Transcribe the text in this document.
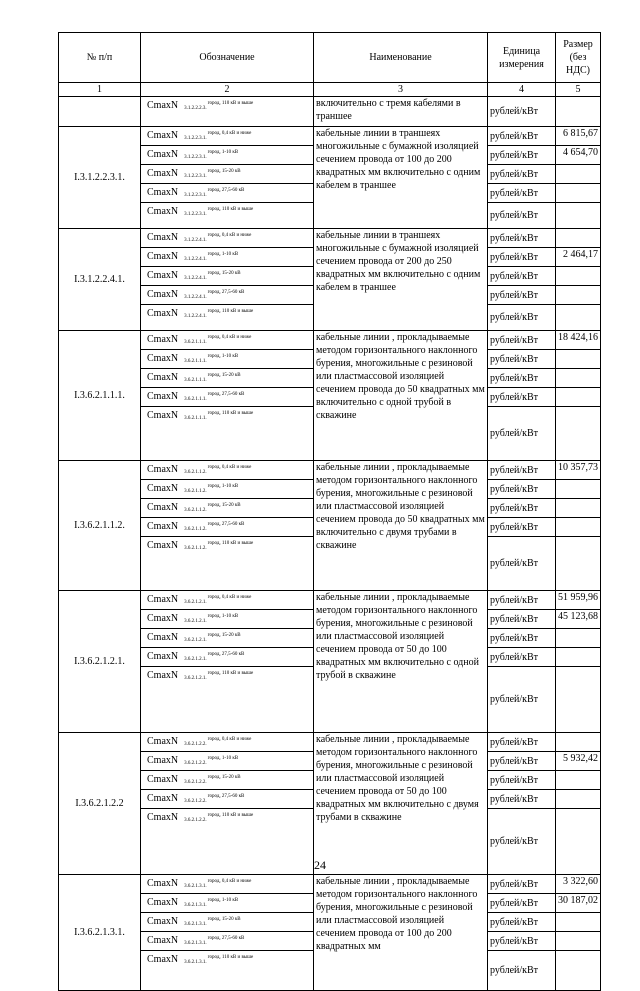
№ п/п	Обозначение	Наименование	Единица измерения	Размер (без НДС)
1	2	3	4	5
	CmaxN 3.1.2.2.2.3.$^{город, 110 кВ и выше}$	включительно с тремя кабелями в траншее	рублей/кВт	
I.3.1.2.2.3.1.	CmaxN 3.1.2.2.3.1.$^{город, 0,4 кВ и ниже}$	кабельные линии в траншеях многожильные с бумажной изоляцией сечением провода от 100 до 200 квадратных мм включительно с одним кабелем в траншее	рублей/кВт	6 815,67
	CmaxN 3.1.2.2.3.1.$^{город, 1-10 кВ}$		рублей/кВт	4 654,70
	CmaxN 3.1.2.2.3.1.$^{город, 15-20 кВ}$		рублей/кВт	
	CmaxN 3.1.2.2.3.1.$^{город, 27,5-60 кВ}$		рублей/кВт	
	CmaxN 3.1.2.2.3.1.$^{город, 110 кВ и выше}$		рублей/кВт	
I.3.1.2.2.4.1.	CmaxN 3.1.2.2.4.1.$^{город, 0,4 кВ и ниже}$	кабельные линии в траншеях многожильные с бумажной изоляцией сечением провода от 200 до 250 квадратных мм включительно с одним кабелем в траншее	рублей/кВт	
	CmaxN 3.1.2.2.4.1.$^{город, 1-10 кВ}$		рублей/кВт	2 464,17
	CmaxN 3.1.2.2.4.1.$^{город, 15-20 кВ}$		рублей/кВт	
	CmaxN 3.1.2.2.4.1.$^{город, 27,5-60 кВ}$		рублей/кВт	
	CmaxN 3.1.2.2.4.1.$^{город, 110 кВ и выше}$		рублей/кВт	
I.3.6.2.1.1.1.	CmaxN 3.6.2.1.1.1.$^{город, 0,4 кВ и ниже}$	кабельные линии , прокладываемые методом горизонтального наклонного бурения, многожильные с резиновой или пластмассовой изоляцией сечением провода до 50 квадратных мм включительно с одной трубой в скважине	рублей/кВт	18 424,16
	CmaxN 3.6.2.1.1.1.$^{город, 1-10 кВ}$		рублей/кВт	
	CmaxN 3.6.2.1.1.1.$^{город, 15-20 кВ}$		рублей/кВт	
	CmaxN 3.6.2.1.1.1.$^{город, 27,5-60 кВ}$		рублей/кВт	
	CmaxN 3.6.2.1.1.1.$^{город, 110 кВ и выше}$		рублей/кВт	
I.3.6.2.1.1.2.	CmaxN 3.6.2.1.1.2.$^{город, 0,4 кВ и ниже}$	кабельные линии , прокладываемые методом горизонтального наклонного бурения, многожильные с резиновой или пластмассовой изоляцией сечением провода до 50 квадратных мм включительно с двумя трубами в скважине	рублей/кВт	10 357,73
	CmaxN 3.6.2.1.1.2.$^{город, 1-10 кВ}$		рублей/кВт	
	CmaxN 3.6.2.1.1.2.$^{город, 15-20 кВ}$		рублей/кВт	
	CmaxN 3.6.2.1.1.2.$^{город, 27,5-60 кВ}$		рублей/кВт	
	CmaxN 3.6.2.1.1.2.$^{город, 110 кВ и выше}$		рублей/кВт	
I.3.6.2.1.2.1.	CmaxN 3.6.2.1.2.1.$^{город, 0,4 кВ и ниже}$	кабельные линии , прокладываемые методом горизонтального наклонного бурения, многожильные с резиновой или пластмассовой изоляцией сечением провода от 50 до 100 квадратных мм включительно с одной трубой в скважине	рублей/кВт	51 959,96
	CmaxN 3.6.2.1.2.1.$^{город, 1-10 кВ}$		рублей/кВт	45 123,68
	CmaxN 3.6.2.1.2.1.$^{город, 15-20 кВ}$		рублей/кВт	
	CmaxN 3.6.2.1.2.1.$^{город, 27,5-60 кВ}$		рублей/кВт	
	CmaxN 3.6.2.1.2.1.$^{город, 110 кВ и выше}$		рублей/кВт	
I.3.6.2.1.2.2	CmaxN 3.6.2.1.2.2.$^{город, 0,4 кВ и ниже}$	кабельные линии , прокладываемые методом горизонтального наклонного бурения, многожильные с резиновой или пластмассовой изоляцией сечением провода от 50 до 100 квадратных мм включительно с двумя трубами в скважине	рублей/кВт	
	CmaxN 3.6.2.1.2.2.$^{город, 1-10 кВ}$		рублей/кВт	5 932,42
	CmaxN 3.6.2.1.2.2.$^{город, 15-20 кВ}$		рублей/кВт	
	CmaxN 3.6.2.1.2.2.$^{город, 27,5-60 кВ}$		рублей/кВт	
	CmaxN 3.6.2.1.2.2.$^{город, 110 кВ и выше}$		рублей/кВт	
I.3.6.2.1.3.1.	CmaxN 3.6.2.1.3.1.$^{город, 0,4 кВ и ниже}$	кабельные линии , прокладываемые методом горизонтального наклонного бурения, многожильные с резиновой или пластмассовой изоляцией сечением провода от 100 до 200 квадратных мм	рублей/кВт	3 322,60
	CmaxN 3.6.2.1.3.1.$^{город, 1-10 кВ}$		рублей/кВт	30 187,02
	CmaxN 3.6.2.1.3.1.$^{город, 15-20 кВ}$		рублей/кВт	
	CmaxN 3.6.2.1.3.1.$^{город, 27,5-60 кВ}$		рублей/кВт	
	CmaxN 3.6.2.1.3.1.$^{город, 110 кВ и выше}$		рублей/кВт	
24
